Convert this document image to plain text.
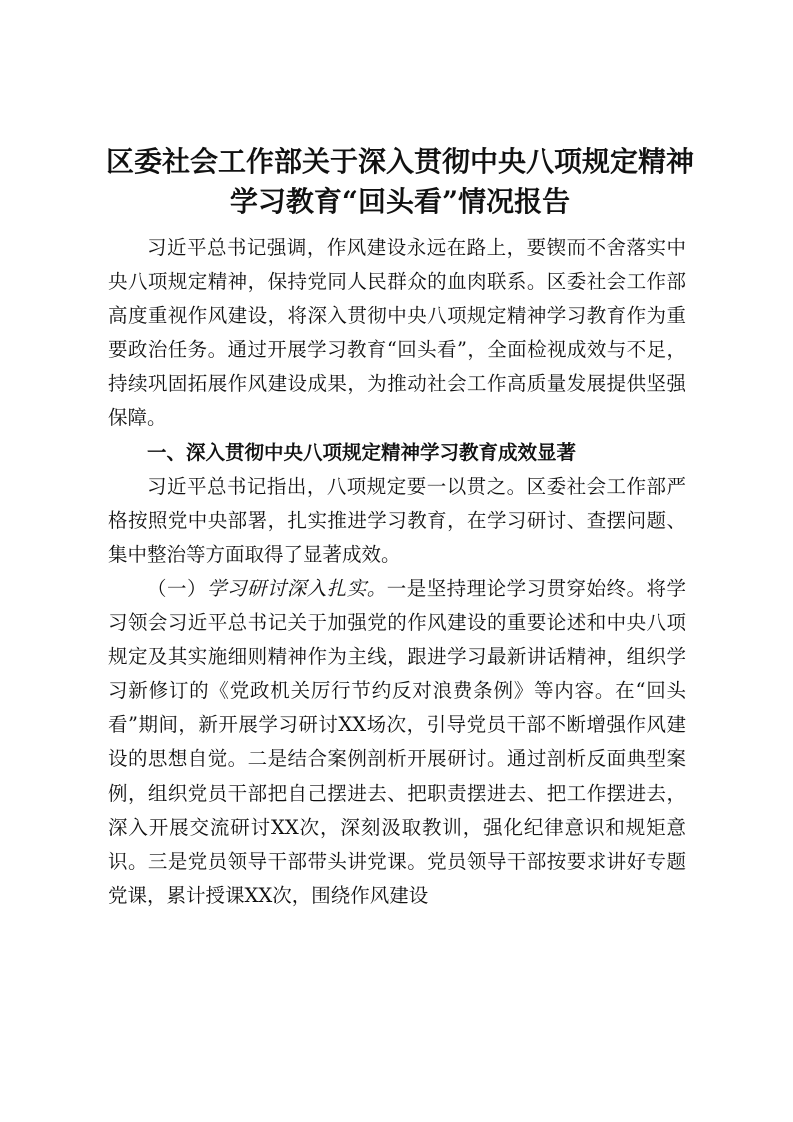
区委社会工作部关于深入贯彻中央八项规定精神学习教育“回头看”情况报告

习近平总书记强调，作风建设永远在路上，要锲而不舍落实中央八项规定精神，保持党同人民群众的血肉联系。区委社会工作部高度重视作风建设，将深入贯彻中央八项规定精神学习教育作为重要政治任务。通过开展学习教育“回头看”，全面检视成效与不足，持续巩固拓展作风建设成果，为推动社会工作高质量发展提供坚强保障。

一、深入贯彻中央八项规定精神学习教育成效显著

习近平总书记指出，八项规定要一以贯之。区委社会工作部严格按照党中央部署，扎实推进学习教育，在学习研讨、查摆问题、集中整治等方面取得了显著成效。

（一）学习研讨深入扎实。一是坚持理论学习贯穿始终。将学习领会习近平总书记关于加强党的作风建设的重要论述和中央八项规定及其实施细则精神作为主线，跟进学习最新讲话精神，组织学习新修订的《党政机关厉行节约反对浪费条例》等内容。在“回头看”期间，新开展学习研讨XX场次，引导党员干部不断增强作风建设的思想自觉。二是结合案例剖析开展研讨。通过剖析反面典型案例，组织党员干部把自己摆进去、把职责摆进去、把工作摆进去，深入开展交流研讨XX次，深刻汲取教训，强化纪律意识和规矩意识。三是党员领导干部带头讲党课。党员领导干部按要求讲好专题党课，累计授课XX次，围绕作风建设
